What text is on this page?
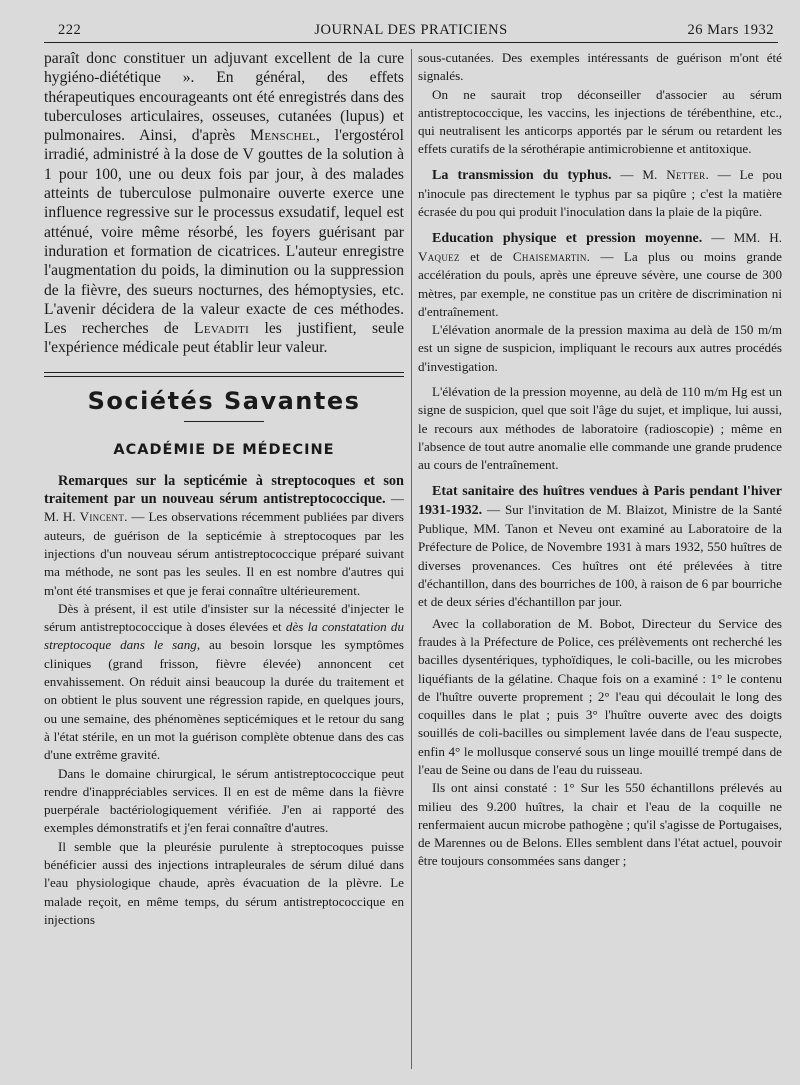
222	JOURNAL DES PRATICIENS	26 Mars 1932

paraît donc constituer un adjuvant excellent de la cure hygiéno-diététique ». En général, des effets thérapeutiques encourageants ont été enregistrés dans des tuberculoses articulaires, osseuses, cutanées (lupus) et pulmonaires. Ainsi, d'après Menschel, l'ergostérol irradié, administré à la dose de V gouttes de la solution à 1 pour 100, une ou deux fois par jour, à des malades atteints de tuberculose pulmonaire ouverte exerce une influence regressive sur le processus exsudatif, lequel est atténué, voire même résorbé, les foyers guérisant par induration et formation de cicatrices. L'auteur enregistre l'augmentation du poids, la diminution ou la suppression de la fièvre, des sueurs nocturnes, des hémoptysies, etc. L'avenir décidera de la valeur exacte de ces méthodes. Les recherches de Levaditi les justifient, seule l'expérience médicale peut établir leur valeur.

Sociétés Savantes
ACADÉMIE DE MÉDECINE

Remarques sur la septicémie à streptocoques et son traitement par un nouveau sérum antistreptococcique. — M. H. Vincent. — Les observations récemment publiées par divers auteurs, de guérison de la septicémie à streptocoques par les injections d'un nouveau sérum antistreptococcique préparé suivant ma méthode, ne sont pas les seules. Il en est nombre d'autres qui m'ont été transmises et que je ferai connaître ultérieurement.

Dès à présent, il est utile d'insister sur la nécessité d'injecter le sérum antistreptococcique à doses élevées et dès la constatation du streptocoque dans le sang, au besoin lorsque les symptômes cliniques (grand frisson, fièvre élevée) annoncent cet envahissement. On réduit ainsi beaucoup la durée du traitement et on obtient le plus souvent une régression rapide, en quelques jours, ou une semaine, des phénomènes septicémiques et le retour du sang à l'état stérile, en un mot la guérison complète obtenue dans des cas d'une extrême gravité.

Dans le domaine chirurgical, le sérum antistreptococcique peut rendre d'inappréciables services. Il en est de même dans la fièvre puerpérale bactériologiquement vérifiée. J'en ai rapporté des exemples démonstratifs et j'en ferai connaître d'autres.

Il semble que la pleurésie purulente à streptocoques puisse bénéficier aussi des injections intrapleurales de sérum dilué dans l'eau physiologique chaude, après évacuation de la plèvre. Le malade reçoit, en même temps, du sérum antistreptococcique en injections

sous-cutanées. Des exemples intéressants de guérison m'ont été signalés.

On ne saurait trop déconseiller d'associer au sérum antistreptococcique, les vaccins, les injections de térébenthine, etc., qui neutralisent les anticorps apportés par le sérum ou retardent les effets curatifs de la sérothérapie antimicrobienne et antitoxique.

La transmission du typhus. — M. Netter. — Le pou n'inocule pas directement le typhus par sa piqûre ; c'est la matière écrasée du pou qui produit l'inoculation dans la plaie de la piqûre.

Education physique et pression moyenne. — MM. H. Vaquez et de Chaisemartin. — La plus ou moins grande accélération du pouls, après une épreuve sévère, une course de 300 mètres, par exemple, ne constitue pas un critère de discrimination ni d'entraînement.

L'élévation anormale de la pression maxima au delà de 150 m/m est un signe de suspicion, impliquant le recours aux autres procédés d'investigation.

L'élévation de la pression moyenne, au delà de 110 m/m Hg est un signe de suspicion, quel que soit l'âge du sujet, et implique, lui aussi, le recours aux méthodes de laboratoire (radioscopie) ; même en l'absence de tout autre anomalie elle commande une grande prudence au cours de l'entraînement.

Etat sanitaire des huîtres vendues à Paris pendant l'hiver 1931-1932. — Sur l'invitation de M. Blaizot, Ministre de la Santé Publique, MM. Tanon et Neveu ont examiné au Laboratoire de la Préfecture de Police, de Novembre 1931 à mars 1932, 550 huîtres de diverses provenances. Ces huîtres ont été prélevées à titre d'échantillon, dans des bourriches de 100, à raison de 6 par bourriche et de deux séries d'échantillon par jour.

Avec la collaboration de M. Bobot, Directeur du Service des fraudes à la Préfecture de Police, ces prélèvements ont recherché les bacilles dysentériques, typhoïdiques, le coli-bacille, ou les microbes liquéfiants de la gélatine. Chaque fois on a examiné : 1° le contenu de l'huître ouverte proprement ; 2° l'eau qui découlait le long des coquilles dans le plat ; puis 3° l'huître ouverte avec des doigts souillés de coli-bacilles ou simplement lavée dans de l'eau suspecte, enfin 4° le mollusque conservé sous un linge mouillé trempé dans de l'eau de Seine ou dans de l'eau du ruisseau.

Ils ont ainsi constaté : 1° Sur les 550 échantillons prélevés au milieu des 9.200 huîtres, la chair et l'eau de la coquille ne renfermaient aucun microbe pathogène ; qu'il s'agisse de Portugaises, de Marennes ou de Belons. Elles semblent dans l'état actuel, pouvoir être toujours consommées sans danger ;
